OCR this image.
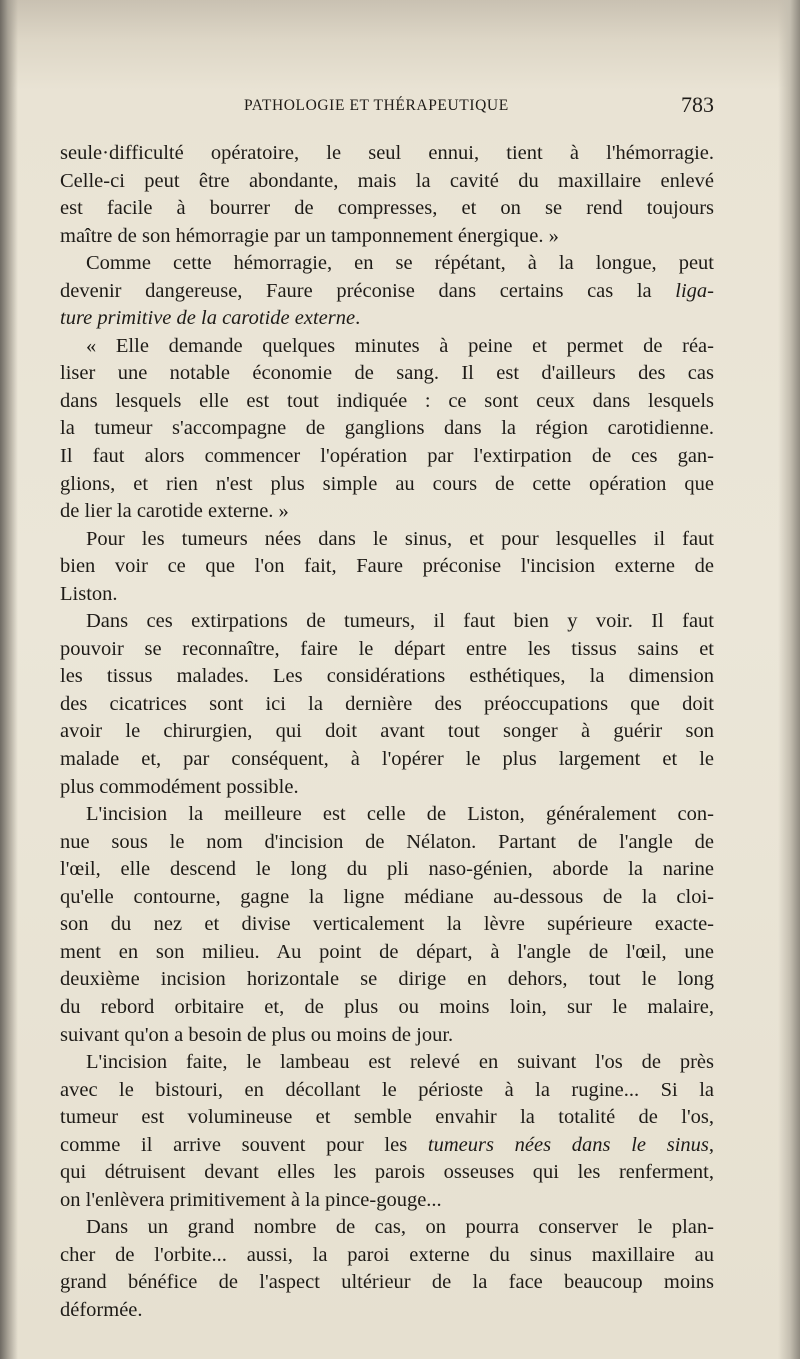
PATHOLOGIE ET THÉRAPEUTIQUE	783
seule·difficulté opératoire, le seul ennui, tient à l'hémorragie.
Celle-ci peut être abondante, mais la cavité du maxillaire enlevé
est facile à bourrer de compresses, et on se rend toujours
maître de son hémorragie par un tamponnement énergique. »
Comme cette hémorragie, en se répétant, à la longue, peut
devenir dangereuse, Faure préconise dans certains cas la liga-
ture primitive de la carotide externe.
« Elle demande quelques minutes à peine et permet de réa-
liser une notable économie de sang. Il est d'ailleurs des cas
dans lesquels elle est tout indiquée : ce sont ceux dans lesquels
la tumeur s'accompagne de ganglions dans la région carotidienne.
Il faut alors commencer l'opération par l'extirpation de ces gan-
glions, et rien n'est plus simple au cours de cette opération que
de lier la carotide externe. »
Pour les tumeurs nées dans le sinus, et pour lesquelles il faut
bien voir ce que l'on fait, Faure préconise l'incision externe de
Liston.
Dans ces extirpations de tumeurs, il faut bien y voir. Il faut
pouvoir se reconnaître, faire le départ entre les tissus sains et
les tissus malades. Les considérations esthétiques, la dimension
des cicatrices sont ici la dernière des préoccupations que doit
avoir le chirurgien, qui doit avant tout songer à guérir son
malade et, par conséquent, à l'opérer le plus largement et le
plus commodément possible.
L'incision la meilleure est celle de Liston, généralement con-
nue sous le nom d'incision de Nélaton. Partant de l'angle de
l'œil, elle descend le long du pli naso-génien, aborde la narine
qu'elle contourne, gagne la ligne médiane au-dessous de la cloi-
son du nez et divise verticalement la lèvre supérieure exacte-
ment en son milieu. Au point de départ, à l'angle de l'œil, une
deuxième incision horizontale se dirige en dehors, tout le long
du rebord orbitaire et, de plus ou moins loin, sur le malaire,
suivant qu'on a besoin de plus ou moins de jour.
L'incision faite, le lambeau est relevé en suivant l'os de près
avec le bistouri, en décollant le périoste à la rugine... Si la
tumeur est volumineuse et semble envahir la totalité de l'os,
comme il arrive souvent pour les tumeurs nées dans le sinus,
qui détruisent devant elles les parois osseuses qui les renferment,
on l'enlèvera primitivement à la pince-gouge...
Dans un grand nombre de cas, on pourra conserver le plan-
cher de l'orbite... aussi, la paroi externe du sinus maxillaire au
grand bénéfice de l'aspect ultérieur de la face beaucoup moins
déformée.
